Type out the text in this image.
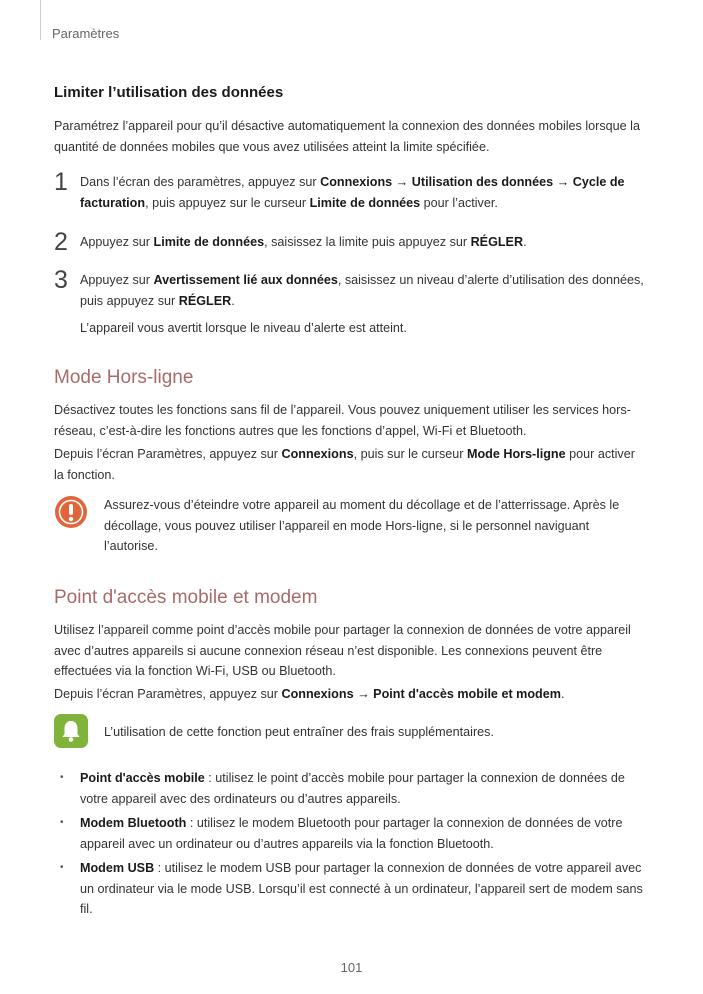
Paramètres
Limiter l’utilisation des données
Paramétrez l’appareil pour qu’il désactive automatiquement la connexion des données mobiles lorsque la quantité de données mobiles que vous avez utilisées atteint la limite spécifiée.
1 Dans l’écran des paramètres, appuyez sur Connexions → Utilisation des données → Cycle de facturation, puis appuyez sur le curseur Limite de données pour l’activer.
2 Appuyez sur Limite de données, saisissez la limite puis appuyez sur RÉGLER.
3 Appuyez sur Avertissement lié aux données, saisissez un niveau d’alerte d’utilisation des données, puis appuyez sur RÉGLER.
L’appareil vous avertit lorsque le niveau d’alerte est atteint.
Mode Hors-ligne
Désactivez toutes les fonctions sans fil de l’appareil. Vous pouvez uniquement utiliser les services hors-réseau, c’est-à-dire les fonctions autres que les fonctions d’appel, Wi-Fi et Bluetooth.
Depuis l’écran Paramètres, appuyez sur Connexions, puis sur le curseur Mode Hors-ligne pour activer la fonction.
Assurez-vous d’éteindre votre appareil au moment du décollage et de l’atterrissage. Après le décollage, vous pouvez utiliser l’appareil en mode Hors-ligne, si le personnel naviguant l’autorise.
Point d'accès mobile et modem
Utilisez l’appareil comme point d’accès mobile pour partager la connexion de données de votre appareil avec d’autres appareils si aucune connexion réseau n’est disponible. Les connexions peuvent être effectuées via la fonction Wi-Fi, USB ou Bluetooth.
Depuis l’écran Paramètres, appuyez sur Connexions → Point d'accès mobile et modem.
L’utilisation de cette fonction peut entraîner des frais supplémentaires.
• Point d'accès mobile : utilisez le point d’accès mobile pour partager la connexion de données de votre appareil avec des ordinateurs ou d’autres appareils.
• Modem Bluetooth : utilisez le modem Bluetooth pour partager la connexion de données de votre appareil avec un ordinateur ou d’autres appareils via la fonction Bluetooth.
• Modem USB : utilisez le modem USB pour partager la connexion de données de votre appareil avec un ordinateur via le mode USB. Lorsqu’il est connecté à un ordinateur, l’appareil sert de modem sans fil.
101
